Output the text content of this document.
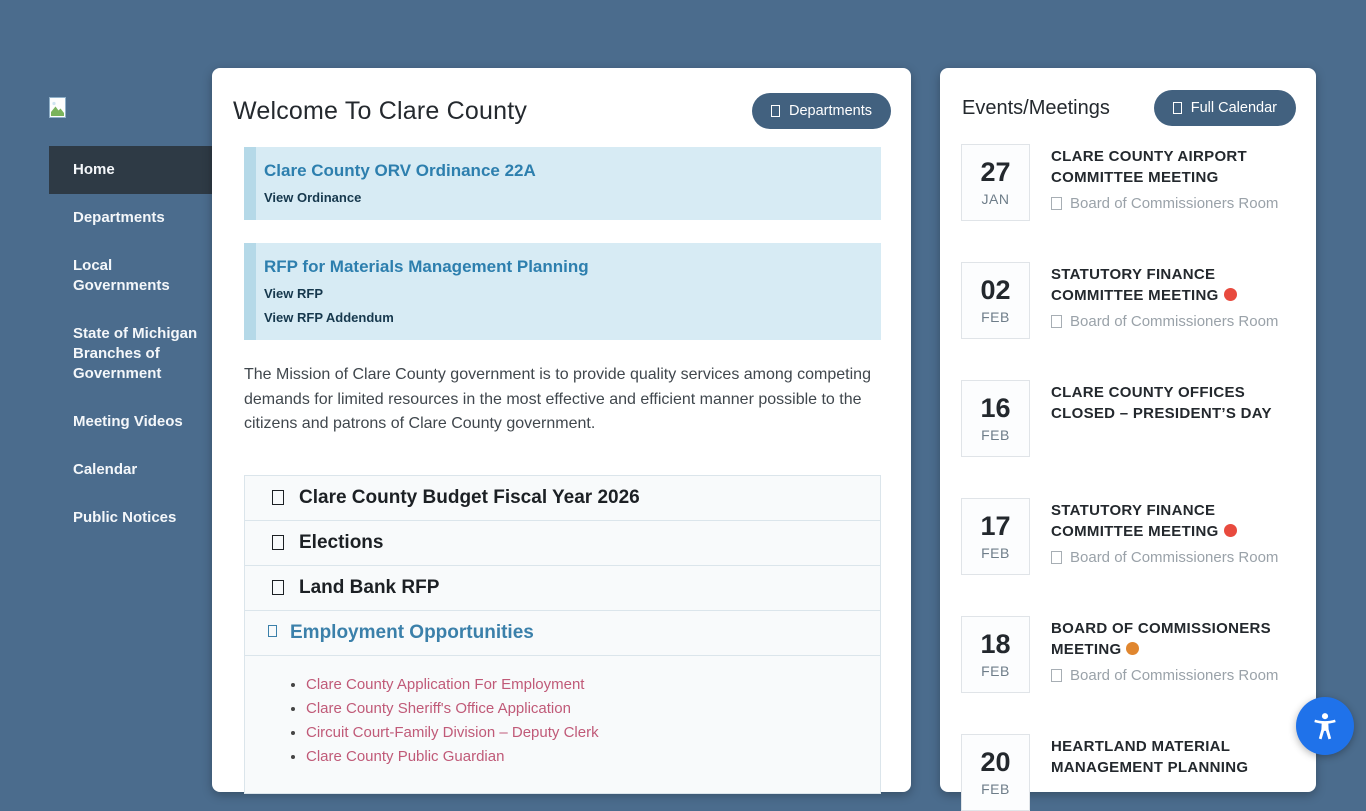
Home
Departments
Local Governments
State of Michigan Branches of Government
Meeting Videos
Calendar
Public Notices
Welcome To Clare County	Departments
Clare County ORV Ordinance 22A
View Ordinance
RFP for Materials Management Planning
View RFP
View RFP Addendum

The Mission of Clare County government is to provide quality services among competing demands for limited resources in the most effective and efficient manner possible to the citizens and patrons of Clare County government.

Clare County Budget Fiscal Year 2026
Elections
Land Bank RFP
Employment Opportunities
• Clare County Application For Employment
• Clare County Sheriff's Office Application
• Circuit Court-Family Division – Deputy Clerk
• Clare County Public Guardian
Events/Meetings	Full Calendar
27
JAN
CLARE COUNTY AIRPORT COMMITTEE MEETING
Board of Commissioners Room
02
FEB
STATUTORY FINANCE COMMITTEE MEETING
Board of Commissioners Room
16
FEB
CLARE COUNTY OFFICES CLOSED – PRESIDENT’S DAY
17
FEB
STATUTORY FINANCE COMMITTEE MEETING
Board of Commissioners Room
18
FEB
BOARD OF COMMISSIONERS MEETING
Board of Commissioners Room
20
FEB
HEARTLAND MATERIAL MANAGEMENT PLANNING
